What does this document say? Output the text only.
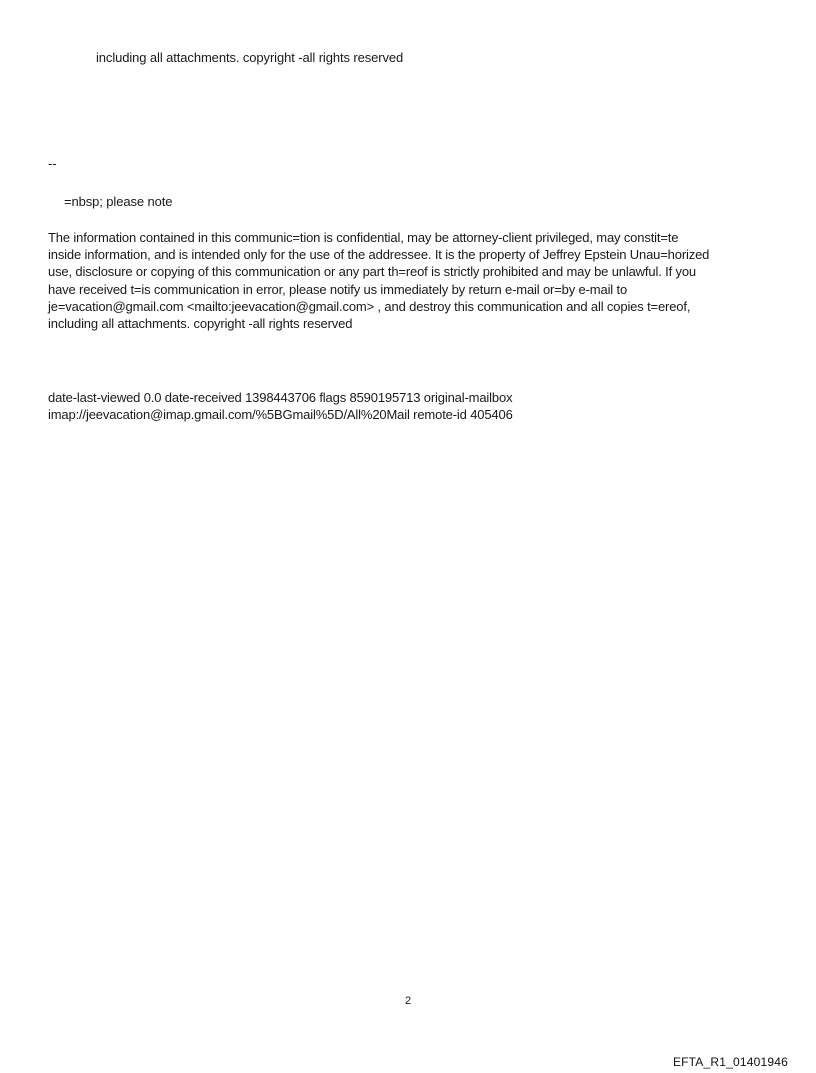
including all attachments. copyright -all rights reserved
--
=nbsp; please note
The information contained in this communic=tion is confidential, may be attorney-client privileged, may constit=te
inside information, and is intended only for the use of the addressee. It is the property of Jeffrey Epstein Unau=horized
use, disclosure or copying of this communication or any part th=reof is strictly prohibited and may be unlawful. If you
have received t=is communication in error, please notify us immediately by return e-mail or=by e-mail to
je=vacation@gmail.com <mailto:jeevacation@gmail.com> , and destroy this communication and all copies t=ereof,
including all attachments. copyright -all rights reserved
date-last-viewed 0.0 date-received 1398443706 flags 8590195713 original-mailbox
imap://jeevacation@imap.gmail.com/%5BGmail%5D/All%20Mail remote-id 405406
2
EFTA_R1_01401946
